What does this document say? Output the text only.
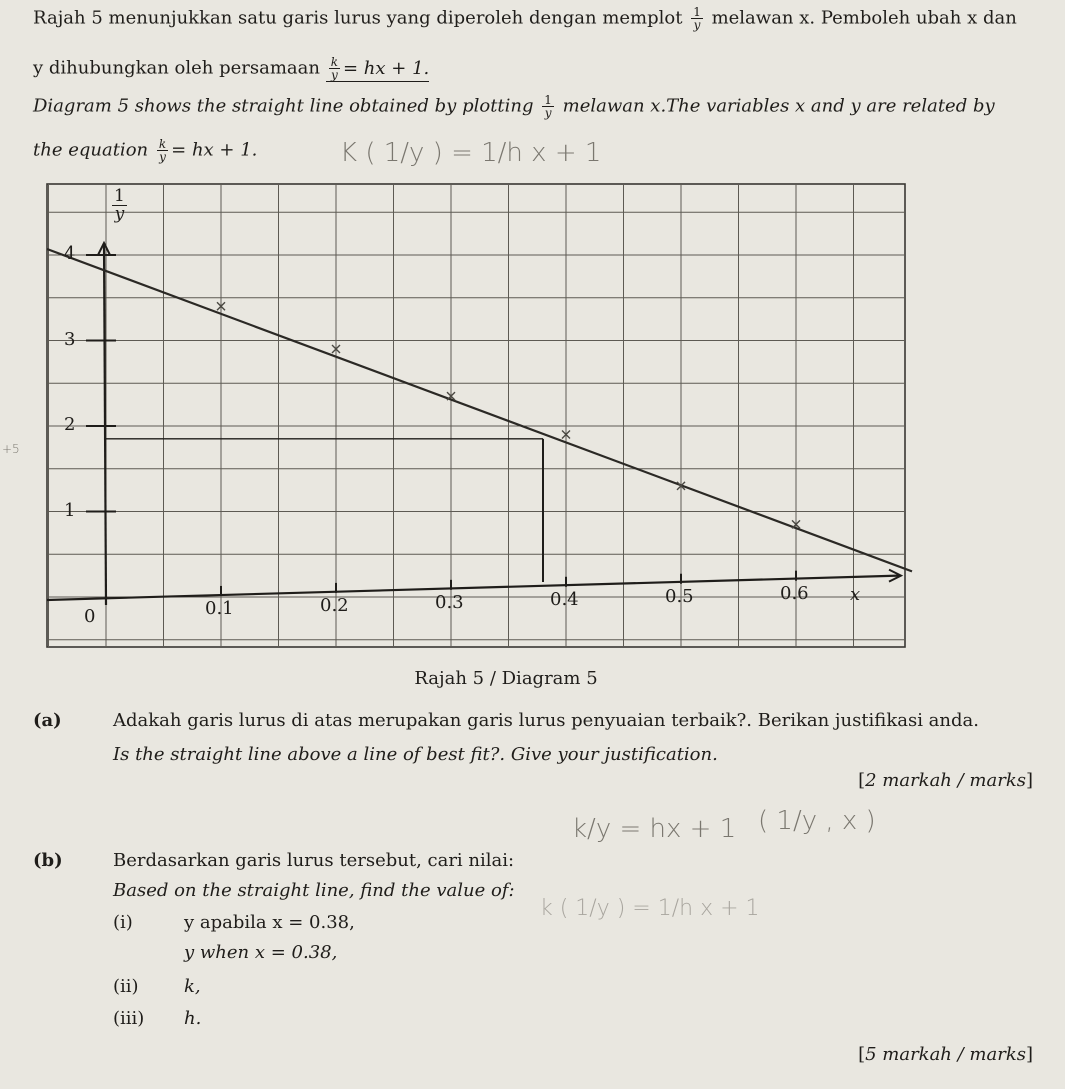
Rajah 5 menunjukkan satu garis lurus yang diperoleh dengan memplot $\frac{1}{y}$ melawan x. Pemboleh ubah x dan
y dihubungkan oleh persamaan $\frac{k}{y}$ = hx + 1.
Diagram 5 shows the straight line obtained by plotting $\frac{1}{y}$ melawan x.The variables x and y are related by
the equation $\frac{k}{y}$ = hx + 1.	K ( 1/y ) = 1/h x + 1
+5
$\frac{1}{y}$
x
0	0.1	0.2	0.3	0.4	0.5	0.6
1
2
3
4
Rajah 5 / Diagram 5
(a)	Adakah garis lurus di atas merupakan garis lurus penyuaian terbaik?. Berikan justifikasi anda.
Is the straight line above a line of best fit?. Give your justification.
[2 markah / marks]
(b)	Berdasarkan garis lurus tersebut, cari nilai:
Based on the straight line, find the value of:
k/y = hx + 1 ( 1/y , x )
k ( 1/y ) = 1/h x + 1
(i)	y apabila x = 0.38,
y when x = 0.38,
(ii)	k,
(iii) h.
[5 markah / marks]
